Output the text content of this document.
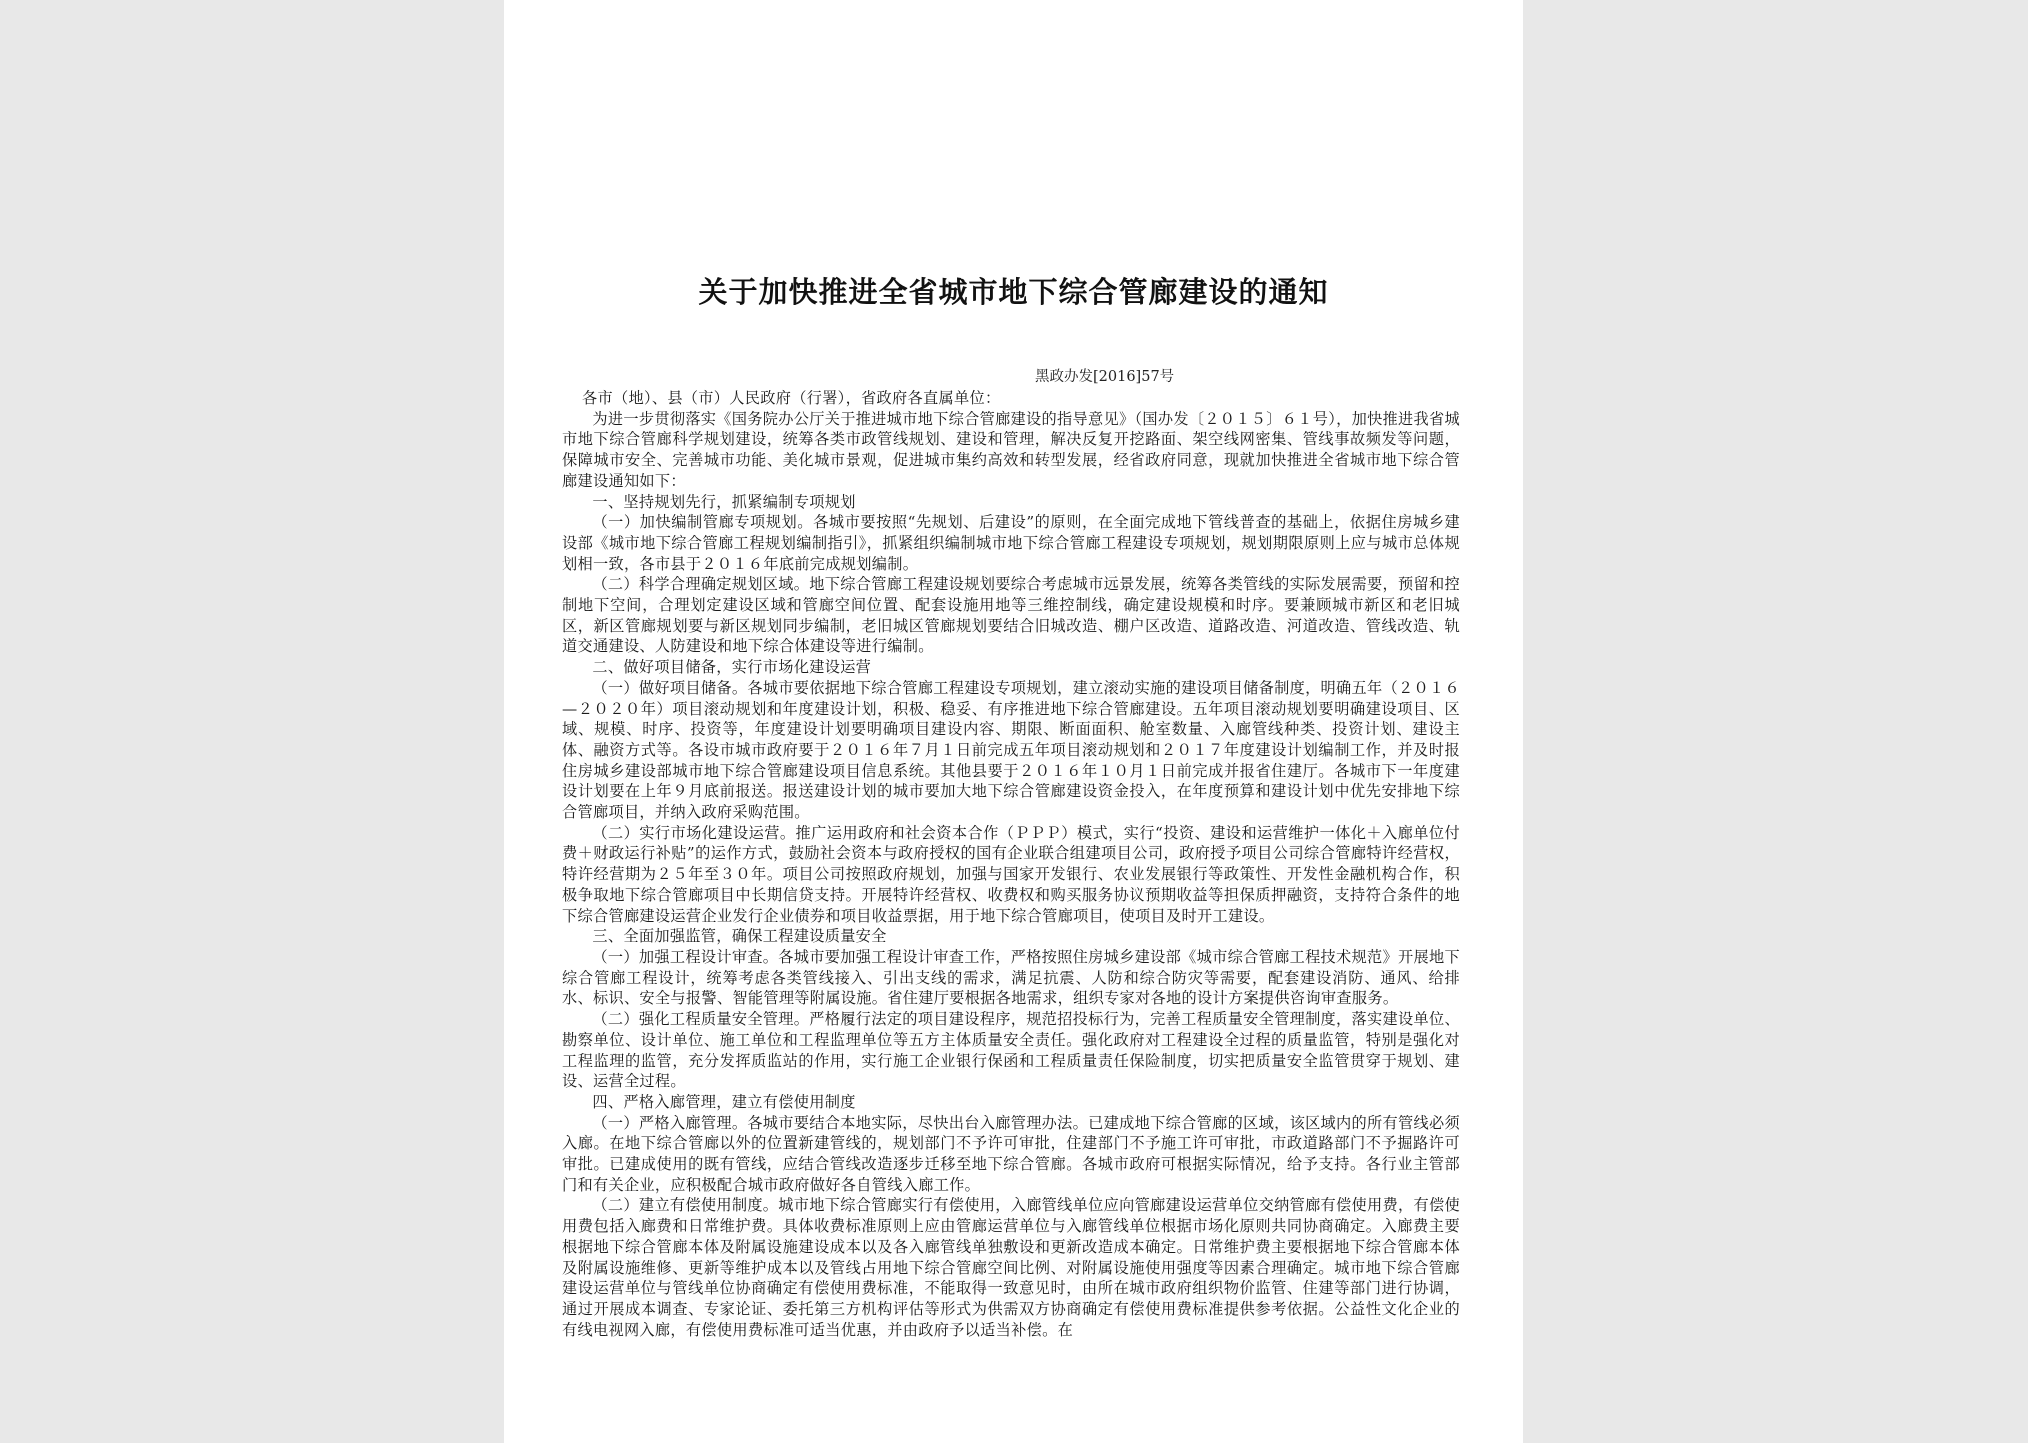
关于加快推进全省城市地下综合管廊建设的通知
黑政办发[2016]57号

各市（地）、县（市）人民政府（行署），省政府各直属单位：

为进一步贯彻落实《国务院办公厅关于推进城市地下综合管廊建设的指导意见》（国办发〔２０１５〕６１号），加快推进我省城市地下综合管廊科学规划建设，统筹各类市政管线规划、建设和管理，解决反复开挖路面、架空线网密集、管线事故频发等问题，保障城市安全、完善城市功能、美化城市景观，促进城市集约高效和转型发展，经省政府同意，现就加快推进全省城市地下综合管廊建设通知如下：

一、坚持规划先行，抓紧编制专项规划

（一）加快编制管廊专项规划。各城市要按照“先规划、后建设”的原则，在全面完成地下管线普查的基础上，依据住房城乡建设部《城市地下综合管廊工程规划编制指引》，抓紧组织编制城市地下综合管廊工程建设专项规划，规划期限原则上应与城市总体规划相一致，各市县于２０１６年底前完成规划编制。

（二）科学合理确定规划区域。地下综合管廊工程建设规划要综合考虑城市远景发展，统筹各类管线的实际发展需要，预留和控制地下空间，合理划定建设区域和管廊空间位置、配套设施用地等三维控制线，确定建设规模和时序。要兼顾城市新区和老旧城区，新区管廊规划要与新区规划同步编制，老旧城区管廊规划要结合旧城改造、棚户区改造、道路改造、河道改造、管线改造、轨道交通建设、人防建设和地下综合体建设等进行编制。

二、做好项目储备，实行市场化建设运营

（一）做好项目储备。各城市要依据地下综合管廊工程建设专项规划，建立滚动实施的建设项目储备制度，明确五年（２０１６—２０２０年）项目滚动规划和年度建设计划，积极、稳妥、有序推进地下综合管廊建设。五年项目滚动规划要明确建设项目、区域、规模、时序、投资等，年度建设计划要明确项目建设内容、期限、断面面积、舱室数量、入廊管线种类、投资计划、建设主体、融资方式等。各设市城市政府要于２０１６年７月１日前完成五年项目滚动规划和２０１７年度建设计划编制工作，并及时报住房城乡建设部城市地下综合管廊建设项目信息系统。其他县要于２０１６年１０月１日前完成并报省住建厅。各城市下一年度建设计划要在上年９月底前报送。报送建设计划的城市要加大地下综合管廊建设资金投入，在年度预算和建设计划中优先安排地下综合管廊项目，并纳入政府采购范围。

（二）实行市场化建设运营。推广运用政府和社会资本合作（ＰＰＰ）模式，实行“投资、建设和运营维护一体化＋入廊单位付费＋财政运行补贴”的运作方式，鼓励社会资本与政府授权的国有企业联合组建项目公司，政府授予项目公司综合管廊特许经营权，特许经营期为２５年至３０年。项目公司按照政府规划，加强与国家开发银行、农业发展银行等政策性、开发性金融机构合作，积极争取地下综合管廊项目中长期信贷支持。开展特许经营权、收费权和购买服务协议预期收益等担保质押融资，支持符合条件的地下综合管廊建设运营企业发行企业债券和项目收益票据，用于地下综合管廊项目，使项目及时开工建设。

三、全面加强监管，确保工程建设质量安全

（一）加强工程设计审查。各城市要加强工程设计审查工作，严格按照住房城乡建设部《城市综合管廊工程技术规范》开展地下综合管廊工程设计，统筹考虑各类管线接入、引出支线的需求，满足抗震、人防和综合防灾等需要，配套建设消防、通风、给排水、标识、安全与报警、智能管理等附属设施。省住建厅要根据各地需求，组织专家对各地的设计方案提供咨询审查服务。

（二）强化工程质量安全管理。严格履行法定的项目建设程序，规范招投标行为，完善工程质量安全管理制度，落实建设单位、勘察单位、设计单位、施工单位和工程监理单位等五方主体质量安全责任。强化政府对工程建设全过程的质量监管，特别是强化对工程监理的监管，充分发挥质监站的作用，实行施工企业银行保函和工程质量责任保险制度，切实把质量安全监管贯穿于规划、建设、运营全过程。

四、严格入廊管理，建立有偿使用制度

（一）严格入廊管理。各城市要结合本地实际，尽快出台入廊管理办法。已建成地下综合管廊的区域，该区域内的所有管线必须入廊。在地下综合管廊以外的位置新建管线的，规划部门不予许可审批，住建部门不予施工许可审批，市政道路部门不予掘路许可审批。已建成使用的既有管线，应结合管线改造逐步迁移至地下综合管廊。各城市政府可根据实际情况，给予支持。各行业主管部门和有关企业，应积极配合城市政府做好各自管线入廊工作。

（二）建立有偿使用制度。城市地下综合管廊实行有偿使用，入廊管线单位应向管廊建设运营单位交纳管廊有偿使用费，有偿使用费包括入廊费和日常维护费。具体收费标准原则上应由管廊运营单位与入廊管线单位根据市场化原则共同协商确定。入廊费主要根据地下综合管廊本体及附属设施建设成本以及各入廊管线单独敷设和更新改造成本确定。日常维护费主要根据地下综合管廊本体及附属设施维修、更新等维护成本以及管线占用地下综合管廊空间比例、对附属设施使用强度等因素合理确定。城市地下综合管廊建设运营单位与管线单位协商确定有偿使用费标准，不能取得一致意见时，由所在城市政府组织物价监管、住建等部门进行协调，通过开展成本调查、专家论证、委托第三方机构评估等形式为供需双方协商确定有偿使用费标准提供参考依据。公益性文化企业的有线电视网入廊，有偿使用费标准可适当优惠，并由政府予以适当补偿。在
